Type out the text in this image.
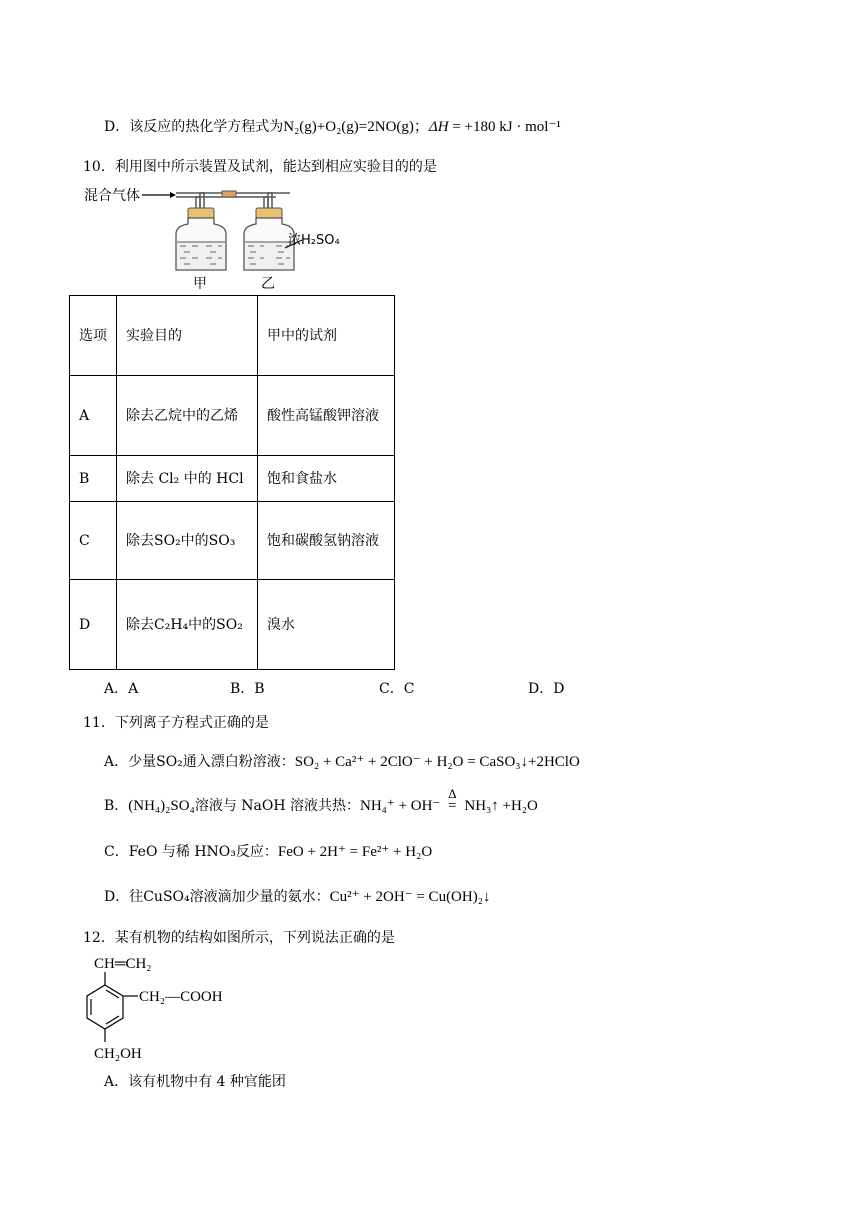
D．该反应的热化学方程式为N₂(g)+O₂(g)=2NO(g)；ΔH = +180 kJ · mol⁻¹
10．利用图中所示装置及试剂，能达到相应实验目的的是
混合气体
浓H₂SO₄
甲	乙
选项	实验目的	甲中的试剂
A	除去乙烷中的乙烯	酸性高锰酸钾溶液
B	除去 Cl₂ 中的 HCl	饱和食盐水
C	除去SO₂中的SO₃	饱和碳酸氢钠溶液
D	除去C₂H₄中的SO₂	溴水
A．A	B．B	C．C	D．D
11．下列离子方程式正确的是
A．少量SO₂通入漂白粉溶液：SO₂ + Ca²⁺ + 2ClO⁻ + H₂O = CaSO₃↓+2HClO
B．(NH₄)₂SO₄溶液与 NaOH 溶液共热：NH₄⁺ + OH⁻
Δ
= NH₃↑ +H₂O
C．FeO 与稀 HNO₃反应：FeO + 2H⁺ = Fe²⁺ + H₂O
D．往CuSO₄溶液滴加少量的氨水：Cu²⁺ + 2OH⁻ = Cu(OH)₂↓
12．某有机物的结构如图所示，下列说法正确的是
CH═CH₂
CH₂—COOH
CH₂OH
A．该有机物中有 4 种官能团
